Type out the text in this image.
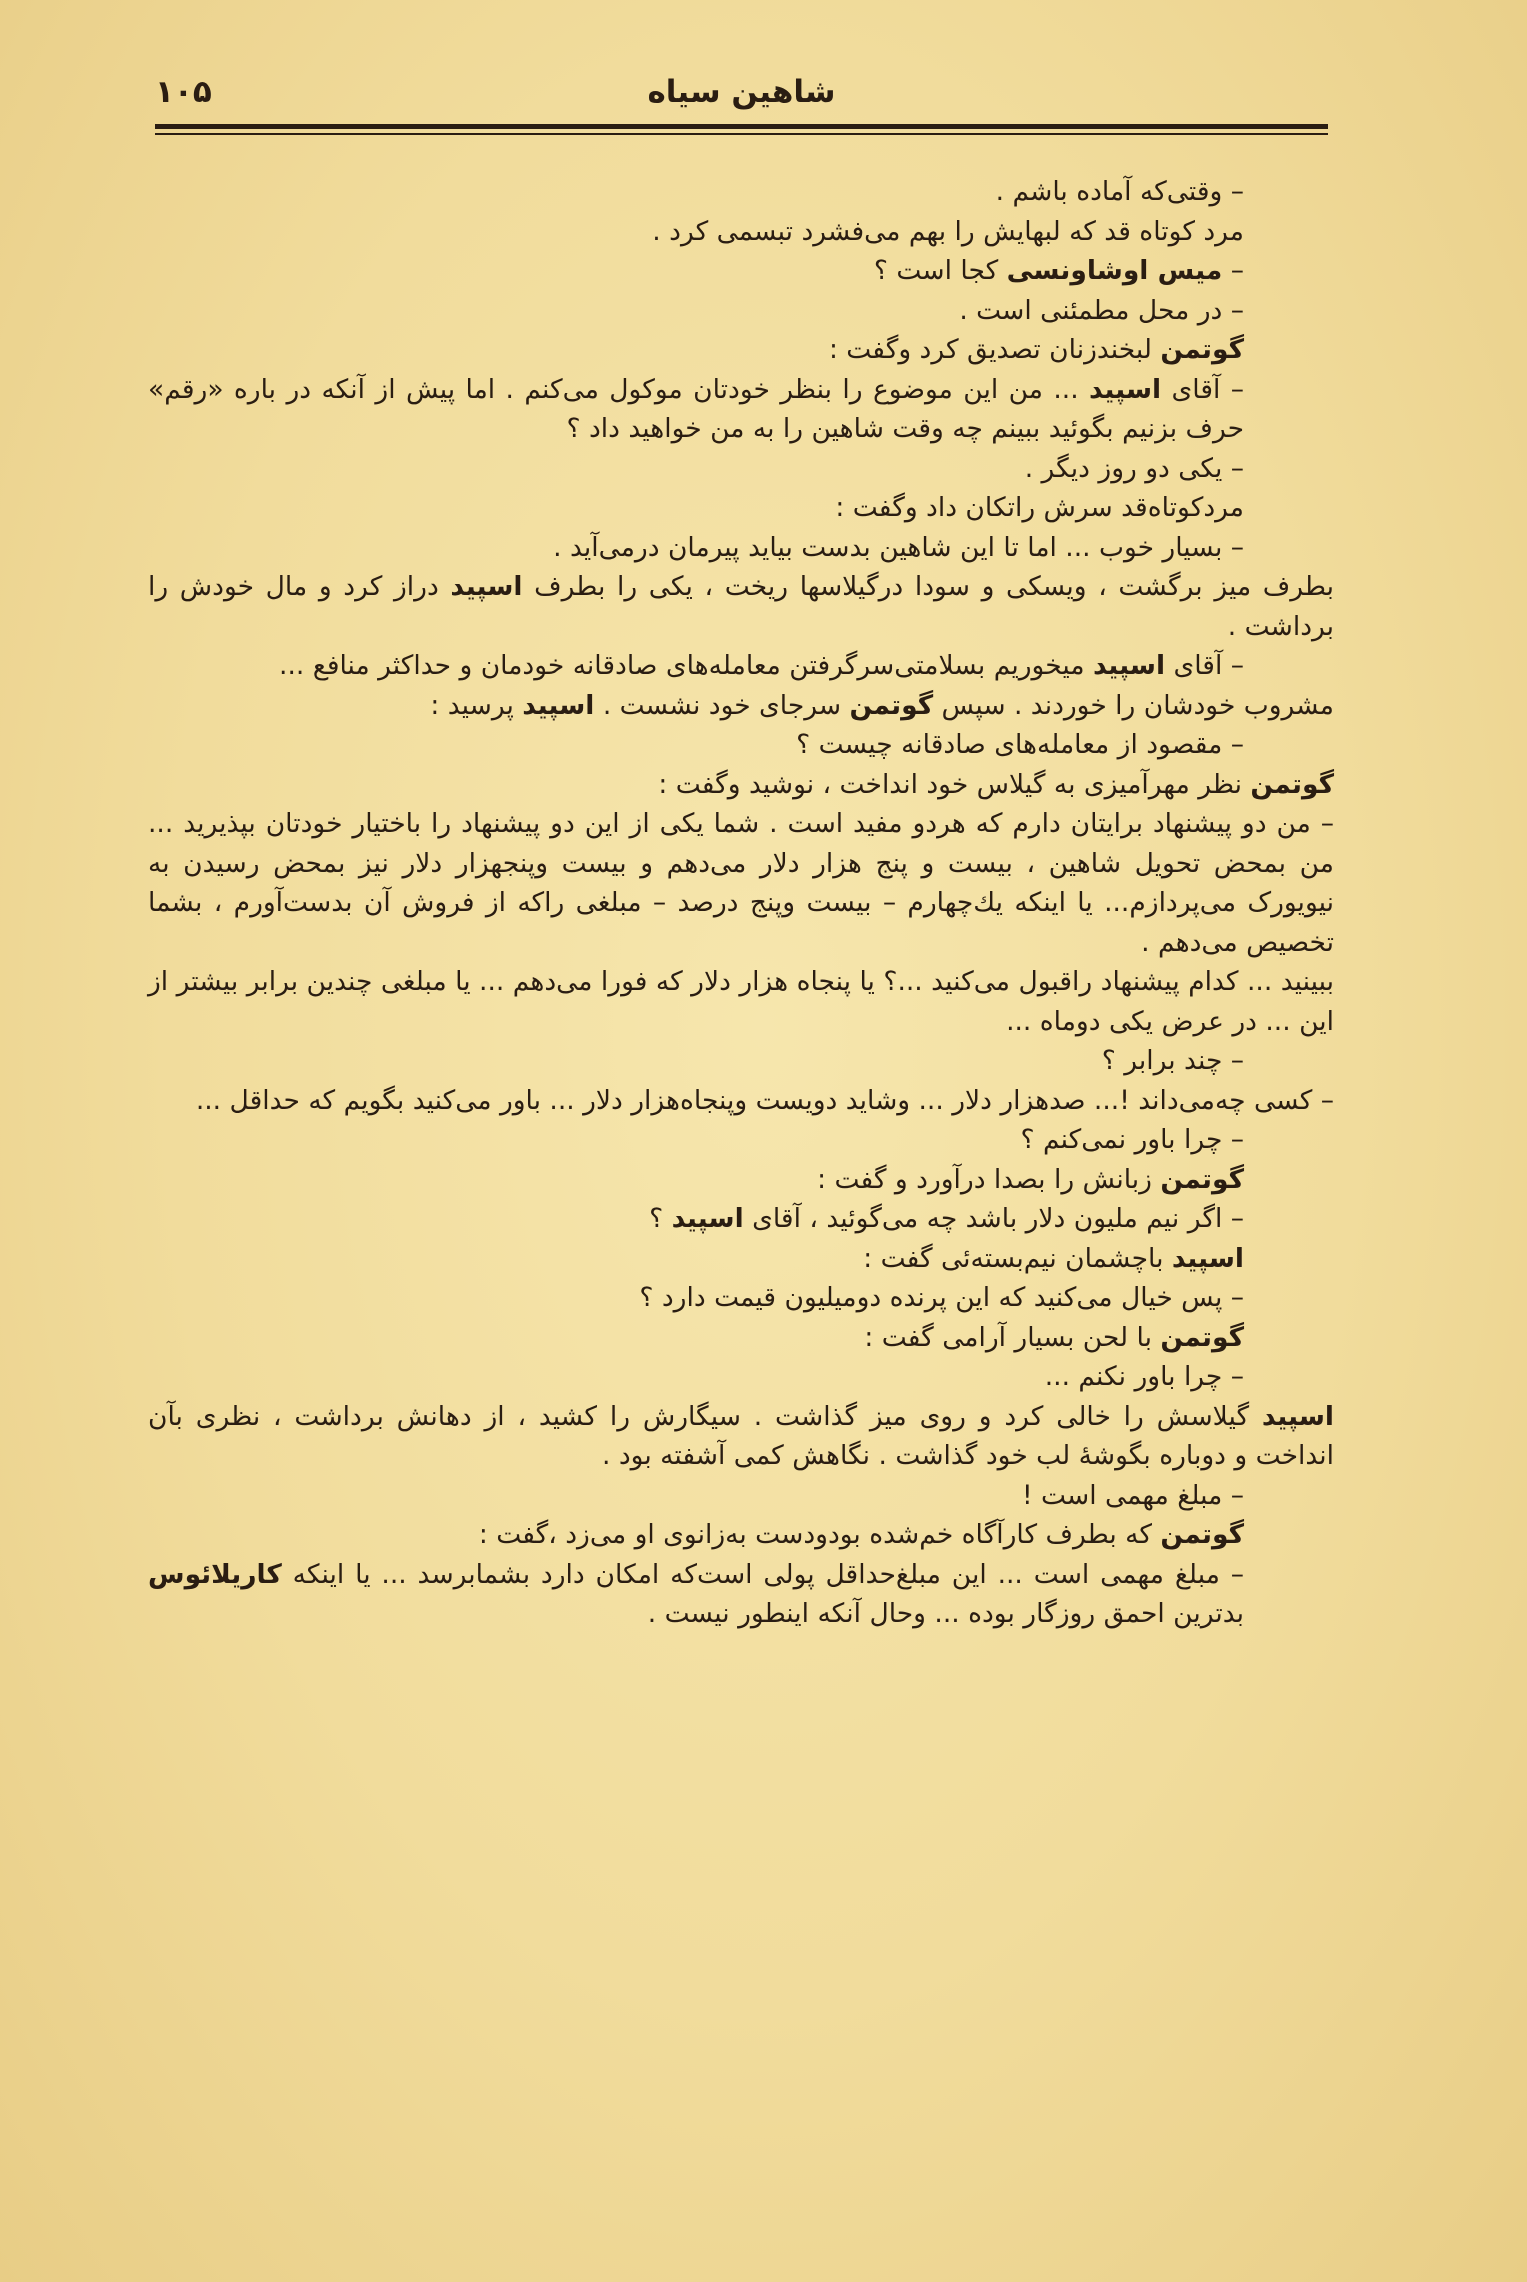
شاهین سیاه
۱۰۵

– وقتی‌که آماده باشم .

مرد کوتاه قد که لبهایش را بهم می‌فشرد تبسمی کرد .

– میس اوشاونسی کجا است ؟

– در محل مطمئنی است .

گوتمن لبخندزنان تصدیق کرد وگفت :

– آقای اسپید ... من این موضوع را بنظر خودتان موکول می‌کنم . اما پیش از آنکه در باره «رقم» حرف بزنیم بگوئید ببینم چه وقت شاهین را به من خواهید داد ؟

– یکی دو روز دیگر .

مردکوتاه‌قد سرش راتکان داد وگفت :

– بسیار خوب ... اما تا این شاهین بدست بیاید پیرمان درمی‌آید .

بطرف میز برگشت ، ویسکی و سودا درگیلاسها ریخت ، یکی را بطرف اسپید دراز کرد و مال خودش را برداشت .

– آقای اسپید میخوریم بسلامتی‌سرگرفتن معامله‌های صادقانه خودمان و حداکثر منافع ...

مشروب خودشان را خوردند . سپس گوتمن سرجای خود نشست . اسپید پرسید :

– مقصود از معامله‌های صادقانه چیست ؟

گوتمن نظر مهرآمیزی به گیلاس خود انداخت ، نوشید وگفت :

– من دو پیشنهاد برایتان دارم که هردو مفید است . شما یکی از این دو پیشنهاد را باختیار خودتان بپذیرید ... من بمحض تحویل شاهین ، بیست و پنج هزار دلار می‌دهم و بیست وپنجهزار دلار نیز بمحض رسیدن به نیویورک می‌پردازم... یا اینکه یك‌چهارم – بیست وپنج درصد – مبلغی راکه از فروش آن بدست‌آورم ، بشما تخصیص می‌دهم .

ببینید ... کدام پیشنهاد راقبول می‌کنید ...؟ یا پنجاه هزار دلار که فورا می‌دهم ... یا مبلغی چندین برابر بیشتر از این ... در عرض یکی دوماه ...

– چند برابر ؟

– کسی چه‌می‌داند !... صدهزار دلار ... وشاید دویست وپنجاه‌هزار دلار ... باور می‌کنید بگویم که حداقل ...

– چرا باور نمی‌کنم ؟

گوتمن زبانش را بصدا درآورد و گفت :

– اگر نیم ملیون دلار باشد چه می‌گوئید ، آقای اسپید ؟

اسپید باچشمان نیم‌بسته‌ئی گفت :

– پس خیال می‌کنید که این پرنده دومیلیون قیمت دارد ؟

گوتمن با لحن بسیار آرامی گفت :

– چرا باور نکنم ...

اسپید گیلاسش را خالی کرد و روی میز گذاشت . سیگارش را کشید ، از دهانش برداشت ، نظری بآن انداخت و دوباره بگوشهٔ لب خود گذاشت . نگاهش کمی آشفته بود .

– مبلغ مهمی است !

گوتمن که بطرف کارآگاه خم‌شده بودودست به‌زانوی او می‌زد ،گفت :

– مبلغ مهمی است ... این مبلغ‌حداقل پولی است‌که امکان دارد بشمابرسد ... یا اینکه کاریلائوس بدترین احمق روزگار بوده ... وحال آنکه اینطور نیست .
